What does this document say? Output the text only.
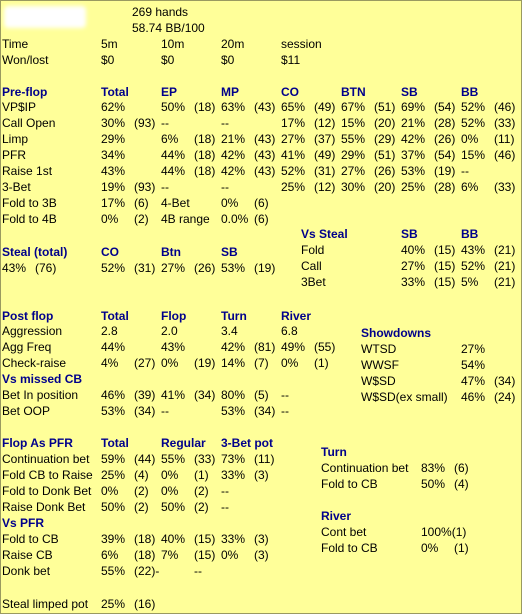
269 hands
58.74 BB/100
Time	5m	10m	20m	session
Won/lost	$0	$0	$0	$11
Pre-flop	Total	EP	MP	CO	BTN	SB	BB
VP$IP	62%	50% (18) 63% (43) 65% (49) 67% (51) 69% (54) 52% (46)
Call Open	30% (93) --	--	17% (12) 15% (20) 21% (28) 52% (33)
Limp	29%	6% (18) 21% (43) 27% (37) 55% (29) 42% (26) 0% (11)
PFR	34%	44% (18) 42% (43) 41% (49) 29% (51) 37% (54) 15% (46)
Raise 1st	43%	44% (18) 42% (43) 52% (31) 27% (26) 53% (19) --
3-Bet	19% (93) --	--	25% (12) 30% (20) 25% (28) 6% (33)
Fold to 3B	17% (6) 4-Bet	0% (6)
Fold to 4B	0% (2) 4B range 0.0% (6)
Vs Steal	SB	BB
Fold	40% (15) 43% (21)
Call	27% (15) 52% (21)
3Bet	33% (15) 5% (21)
Steal (total)	CO	Btn	SB
43% (76)	52% (31) 27% (26) 53% (19)
Post flop	Total	Flop	Turn	River
Aggression	2.8	2.0	3.4	6.8
Agg Freq	44%	43%	42% (81) 49% (55)
Check-raise	4% (27) 0% (19) 14% (7) 0% (1)
Vs missed CB
Bet In position 46% (39) 41% (34) 80% (5) --
Bet OOP	53% (34) --	53% (34) --
Showdowns
WTSD	27%
WWSF	54%
W$SD	47% (34)
W$SD(ex small) 46% (24)
Flop As PFR Total	Regular 3-Bet pot
Continuation bet 59% (44) 55% (33) 73% (11)
Fold CB to Raise 25% (4) 0% (1) 33% (3)
Fold to Donk Bet 0% (2) 0% (2) --
Raise Donk Bet 50% (2) 50% (2) --
Vs PFR
Fold to CB	39% (18) 40% (15) 33% (3)
Raise CB	6% (18) 7% (15) 0% (3)
Donk bet	55% (22)-	--
Turn
Continuation bet 83% (6)
Fold to CB	50% (4)
River
Cont bet	100%(1)
Fold to CB	0% (1)
Steal limped pot 25% (16)
